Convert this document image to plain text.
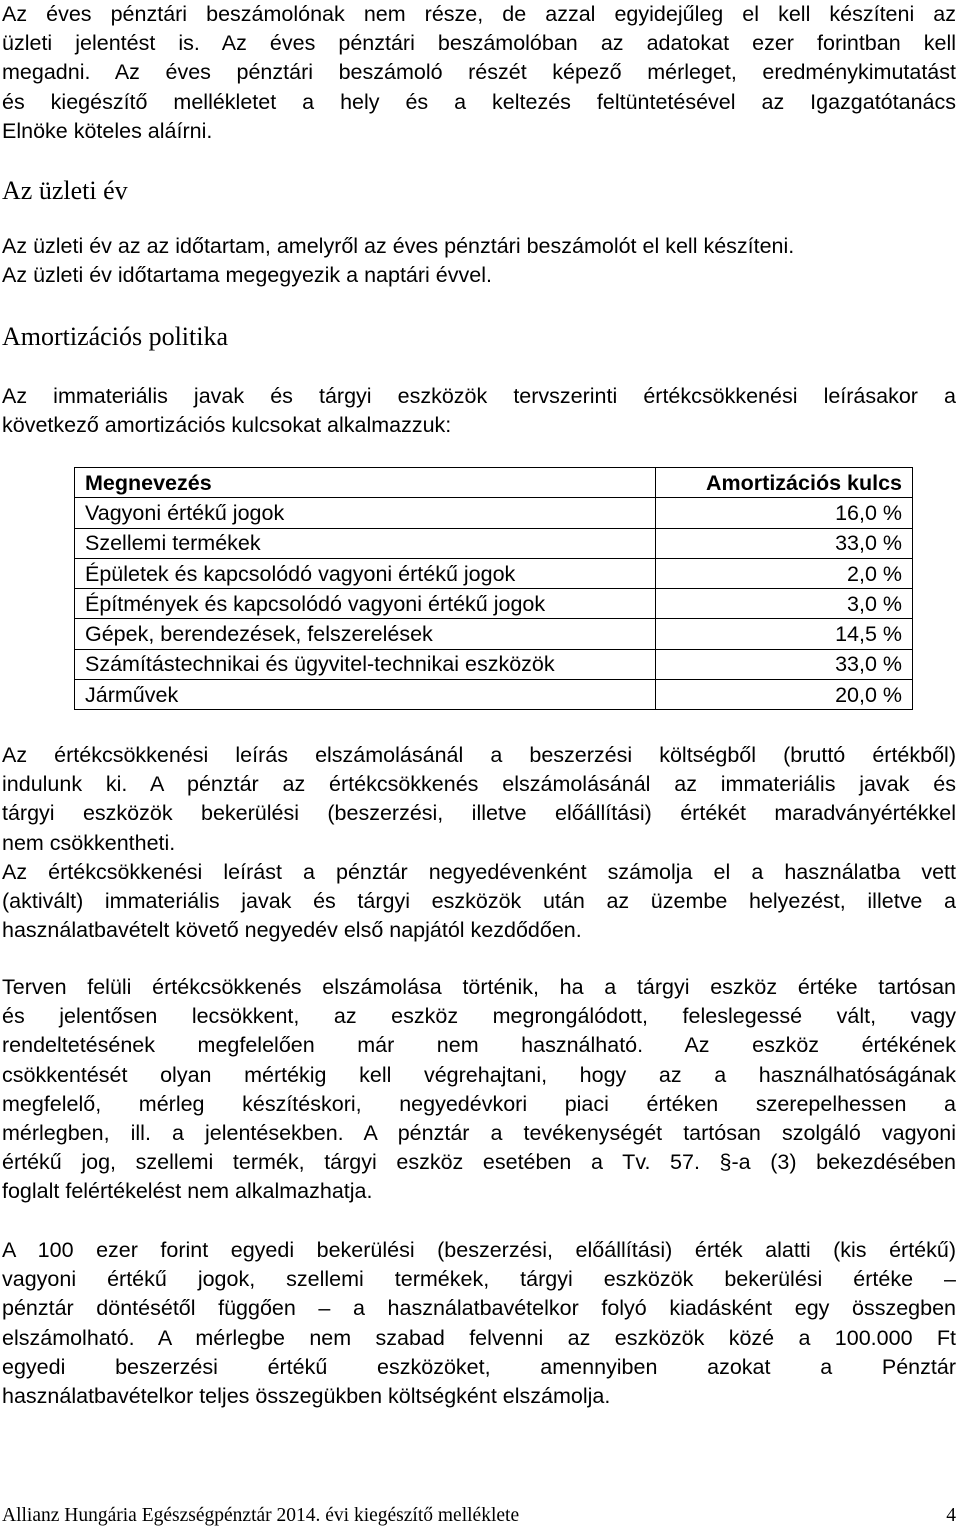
Az éves pénztári beszámolónak nem része, de azzal egyidejűleg el kell készíteni az
üzleti jelentést is. Az éves pénztári beszámolóban az adatokat ezer forintban kell
megadni. Az éves pénztári beszámoló részét képező mérleget, eredménykimutatást
és kiegészítő mellékletet a hely és a keltezés feltüntetésével az Igazgatótanács
Elnöke köteles aláírni.
Az üzleti év
Az üzleti év az az időtartam, amelyről az éves pénztári beszámolót el kell készíteni.
Az üzleti év időtartama megegyezik a naptári évvel.
Amortizációs politika
Az immateriális javak és tárgyi eszközök tervszerinti értékcsökkenési leírásakor a
következő amortizációs kulcsokat alkalmazzuk:
Megnevezés	Amortizációs kulcs
Vagyoni értékű jogok	16,0 %
Szellemi termékek	33,0 %
Épületek és kapcsolódó vagyoni értékű jogok	2,0 %
Építmények és kapcsolódó vagyoni értékű jogok	3,0 %
Gépek, berendezések, felszerelések	14,5 %
Számítástechnikai és ügyvitel-technikai eszközök	33,0 %
Járművek	20,0 %
Az értékcsökkenési leírás elszámolásánál a beszerzési költségből (bruttó értékből)
indulunk ki. A pénztár az értékcsökkenés elszámolásánál az immateriális javak és
tárgyi eszközök bekerülési (beszerzési, illetve előállítási) értékét maradványértékkel
nem csökkentheti.
Az értékcsökkenési leírást a pénztár negyedévenként számolja el a használatba vett
(aktivált) immateriális javak és tárgyi eszközök után az üzembe helyezést, illetve a
használatbavételt követő negyedév első napjától kezdődően.
Terven felüli értékcsökkenés elszámolása történik, ha a tárgyi eszköz értéke tartósan
és jelentősen lecsökkent, az eszköz megrongálódott, feleslegessé vált, vagy
rendeltetésének megfelelően már nem használható. Az eszköz értékének
csökkentését olyan mértékig kell végrehajtani, hogy az a használhatóságának
megfelelő, mérleg készítéskori, negyedévkori piaci értéken szerepelhessen a
mérlegben, ill. a jelentésekben. A pénztár a tevékenységét tartósan szolgáló vagyoni
értékű jog, szellemi termék, tárgyi eszköz esetében a Tv. 57. §-a (3) bekezdésében
foglalt felértékelést nem alkalmazhatja.
A 100 ezer forint egyedi bekerülési (beszerzési, előállítási) érték alatti (kis értékű)
vagyoni értékű jogok, szellemi termékek, tárgyi eszközök bekerülési értéke –
pénztár döntésétől függően – a használatbavételkor folyó kiadásként egy összegben
elszámolható. A mérlegbe nem szabad felvenni az eszközök közé a 100.000 Ft
egyedi beszerzési értékű eszközöket, amennyiben azokat a Pénztár
használatbavételkor teljes összegükben költségként elszámolja.
Allianz Hungária Egészségpénztár 2014. évi kiegészítő melléklete	4
